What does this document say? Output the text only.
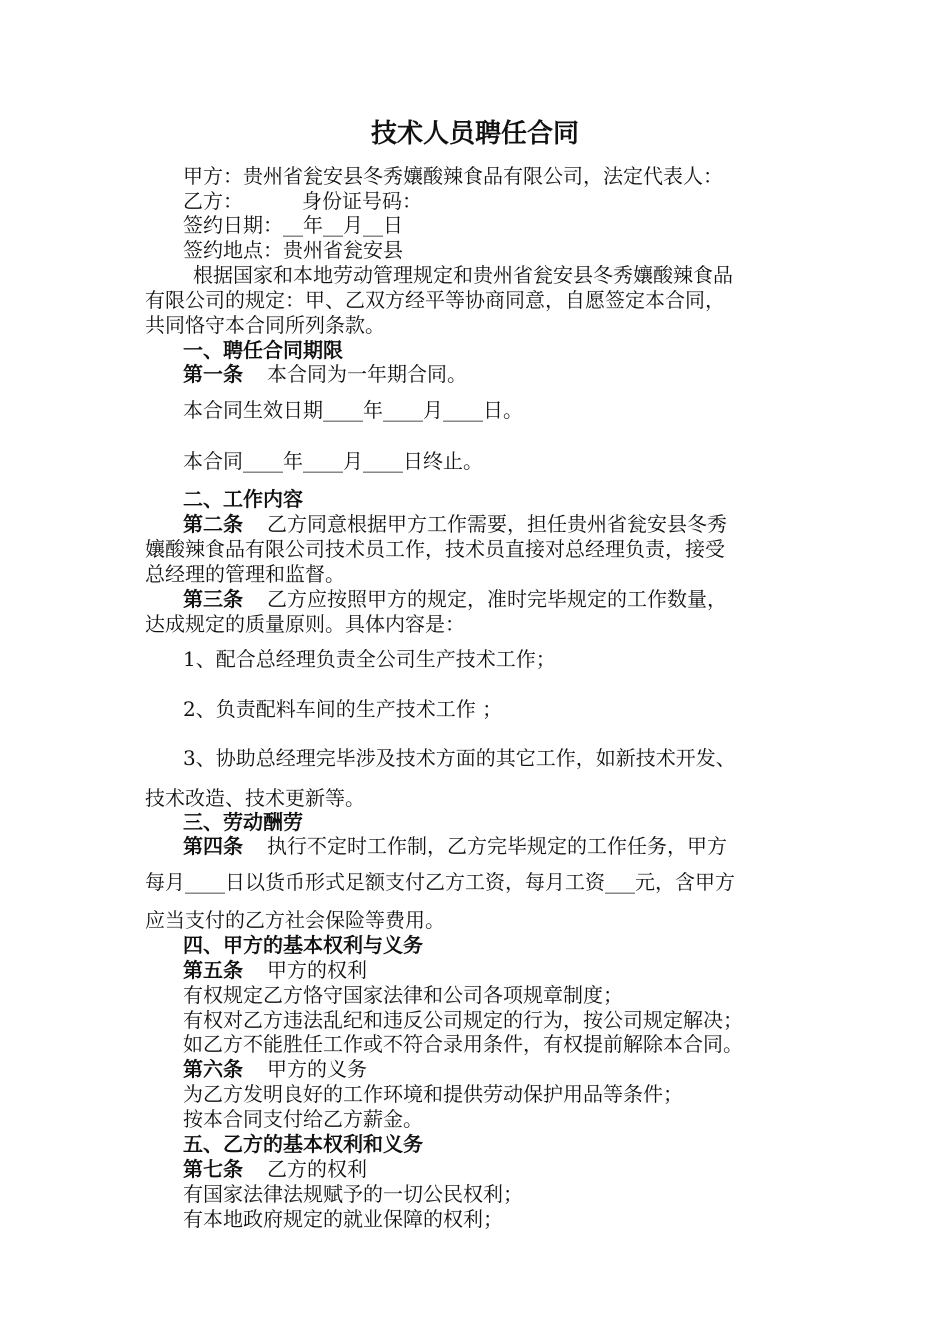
技术人员聘任合同
甲方：贵州省瓮安县冬秀孃酸辣食品有限公司，法定代表人：
乙方：	身份证号码：
签约日期：__年__月__日
签约地点：贵州省瓮安县
根据国家和本地劳动管理规定和贵州省瓮安县冬秀孃酸辣食品
有限公司的规定：甲、乙双方经平等协商同意，自愿签定本合同，
共同恪守本合同所列条款。
一、聘任合同期限
第一条 本合同为一年期合同。
本合同生效日期____年____月____日。
本合同____年____月____日终止。
二、工作内容
第二条 乙方同意根据甲方工作需要，担任贵州省瓮安县冬秀
孃酸辣食品有限公司技术员工作，技术员直接对总经理负责，接受
总经理的管理和监督。
第三条 乙方应按照甲方的规定，准时完毕规定的工作数量，
达成规定的质量原则。具体内容是：
1、配合总经理负责全公司生产技术工作；
2、负责配料车间的生产技术工作 ；
3、协助总经理完毕涉及技术方面的其它工作，如新技术开发、
技术改造、技术更新等。
三、劳动酬劳
第四条 执行不定时工作制，乙方完毕规定的工作任务，甲方
每月____日以货币形式足额支付乙方工资，每月工资___元，含甲方
应当支付的乙方社会保险等费用。
四、甲方的基本权利与义务
第五条 甲方的权利
有权规定乙方恪守国家法律和公司各项规章制度；
有权对乙方违法乱纪和违反公司规定的行为，按公司规定解决；
如乙方不能胜任工作或不符合录用条件，有权提前解除本合同。
第六条 甲方的义务
为乙方发明良好的工作环境和提供劳动保护用品等条件；
按本合同支付给乙方薪金。
五、乙方的基本权利和义务
第七条 乙方的权利
有国家法律法规赋予的一切公民权利；
有本地政府规定的就业保障的权利；
